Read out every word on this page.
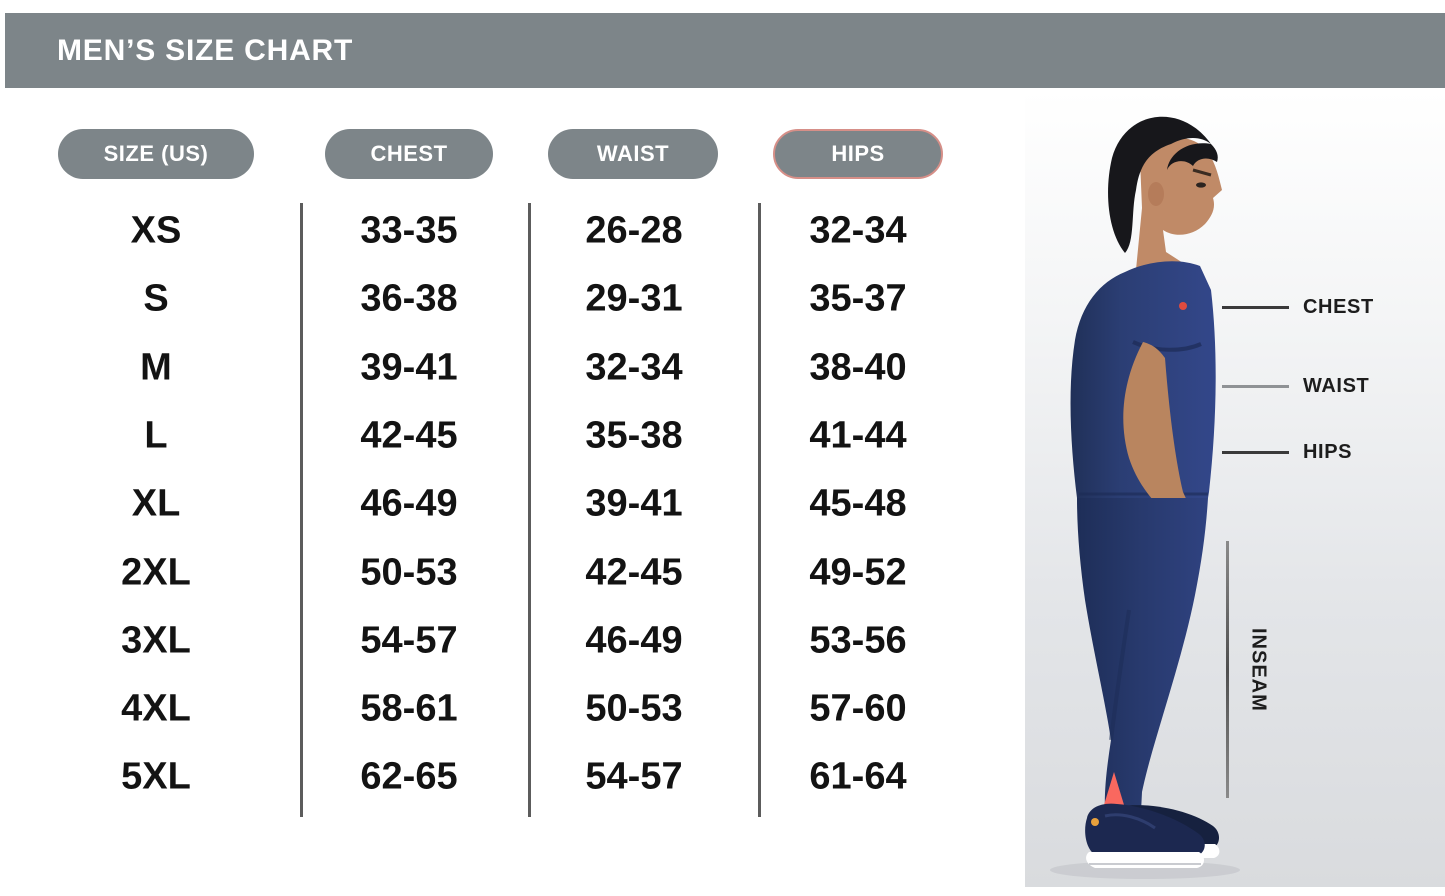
MEN’S SIZE CHART
SIZE (US)	CHEST	WAIST	HIPS
XS	33-35	26-28	32-34
S	36-38	29-31	35-37
M	39-41	32-34	38-40
L	42-45	35-38	41-44
XL	46-49	39-41	45-48
2XL	50-53	42-45	49-52
3XL	54-57	46-49	53-56
4XL	58-61	50-53	57-60
5XL	62-65	54-57	61-64
CHEST
WAIST
HIPS
INSEAM
